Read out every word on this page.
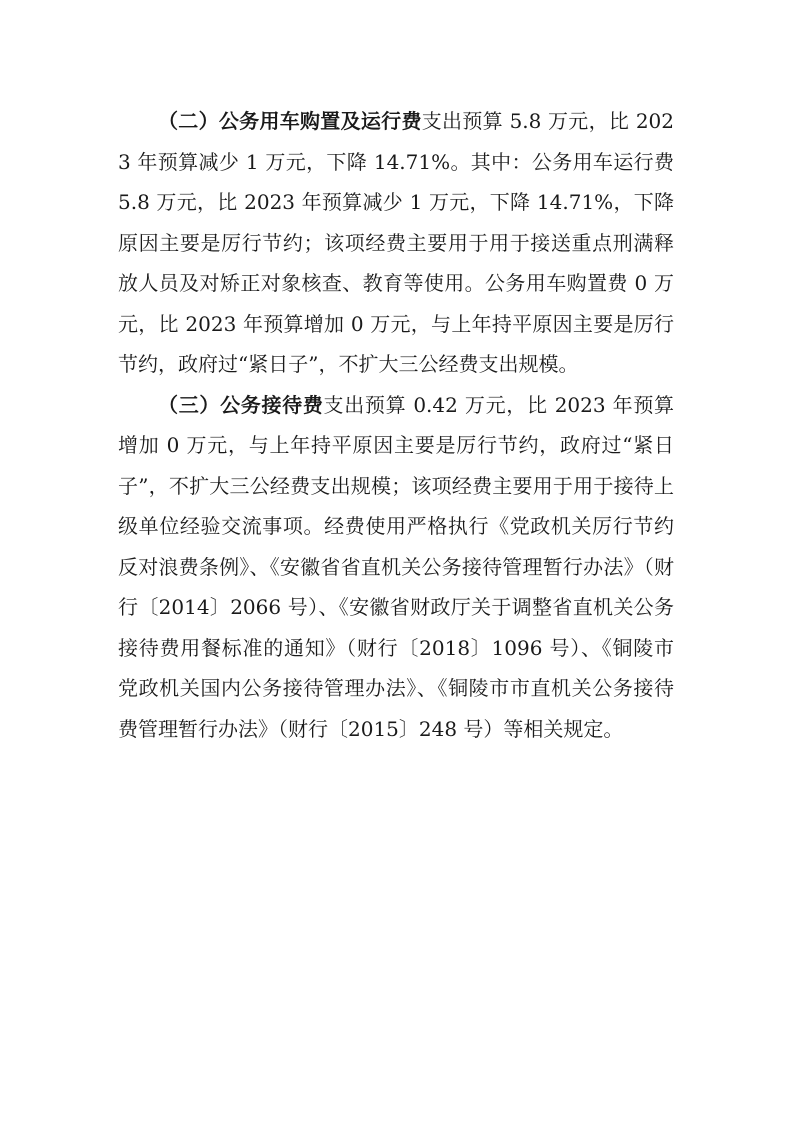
（二）公务用车购置及运行费支出预算 5.8 万元，比 2023 年预算减少 1 万元，下降 14.71%。其中：公务用车运行费 5.8 万元，比 2023 年预算减少 1 万元，下降 14.71%，下降原因主要是厉行节约；该项经费主要用于用于接送重点刑满释放人员及对矫正对象核查、教育等使用。公务用车购置费 0 万元，比 2023 年预算增加 0 万元，与上年持平原因主要是厉行节约，政府过“紧日子”，不扩大三公经费支出规模。

（三）公务接待费支出预算 0.42 万元，比 2023 年预算增加 0 万元，与上年持平原因主要是厉行节约，政府过“紧日子”，不扩大三公经费支出规模；该项经费主要用于用于接待上级单位经验交流事项。经费使用严格执行《党政机关厉行节约反对浪费条例》、《安徽省省直机关公务接待管理暂行办法》（财行〔2014〕2066 号）、《安徽省财政厅关于调整省直机关公务接待费用餐标准的通知》（财行〔2018〕1096 号）、《铜陵市党政机关国内公务接待管理办法》、《铜陵市市直机关公务接待费管理暂行办法》（财行〔2015〕248 号）等相关规定。
